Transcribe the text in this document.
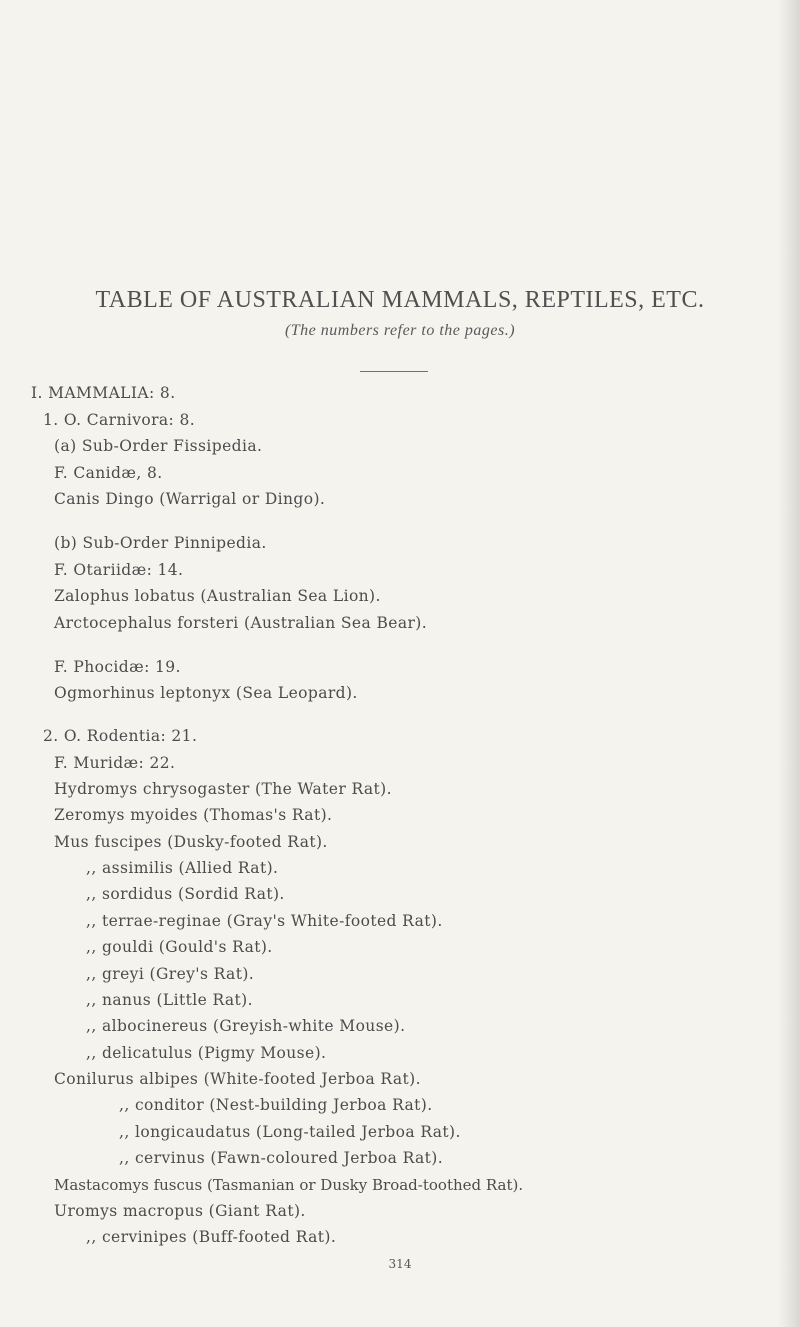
TABLE OF AUSTRALIAN MAMMALS, REPTILES, ETC.
(The numbers refer to the pages.)
I. MAMMALIA: 8.
1. O. Carnivora: 8.
(a) Sub-Order Fissipedia.
F. Canidæ, 8.
Canis Dingo (Warrigal or Dingo).
(b) Sub-Order Pinnipedia.
F. Otariidæ: 14.
Zalophus lobatus (Australian Sea Lion).
Arctocephalus forsteri (Australian Sea Bear).
F. Phocidæ: 19.
Ogmorhinus leptonyx (Sea Leopard).
2. O. Rodentia: 21.
F. Muridæ: 22.
Hydromys chrysogaster (The Water Rat).
Zeromys myoides (Thomas's Rat).
Mus fuscipes (Dusky-footed Rat).
,, assimilis (Allied Rat).
,, sordidus (Sordid Rat).
,, terrae-reginae (Gray's White-footed Rat).
,, gouldi (Gould's Rat).
,, greyi (Grey's Rat).
,, nanus (Little Rat).
,, albocinereus (Greyish-white Mouse).
,, delicatulus (Pigmy Mouse).
Conilurus albipes (White-footed Jerboa Rat).
,, conditor (Nest-building Jerboa Rat).
,, longicaudatus (Long-tailed Jerboa Rat).
,, cervinus (Fawn-coloured Jerboa Rat).
Mastacomys fuscus (Tasmanian or Dusky Broad-toothed Rat).
Uromys macropus (Giant Rat).
,, cervinipes (Buff-footed Rat).
314
